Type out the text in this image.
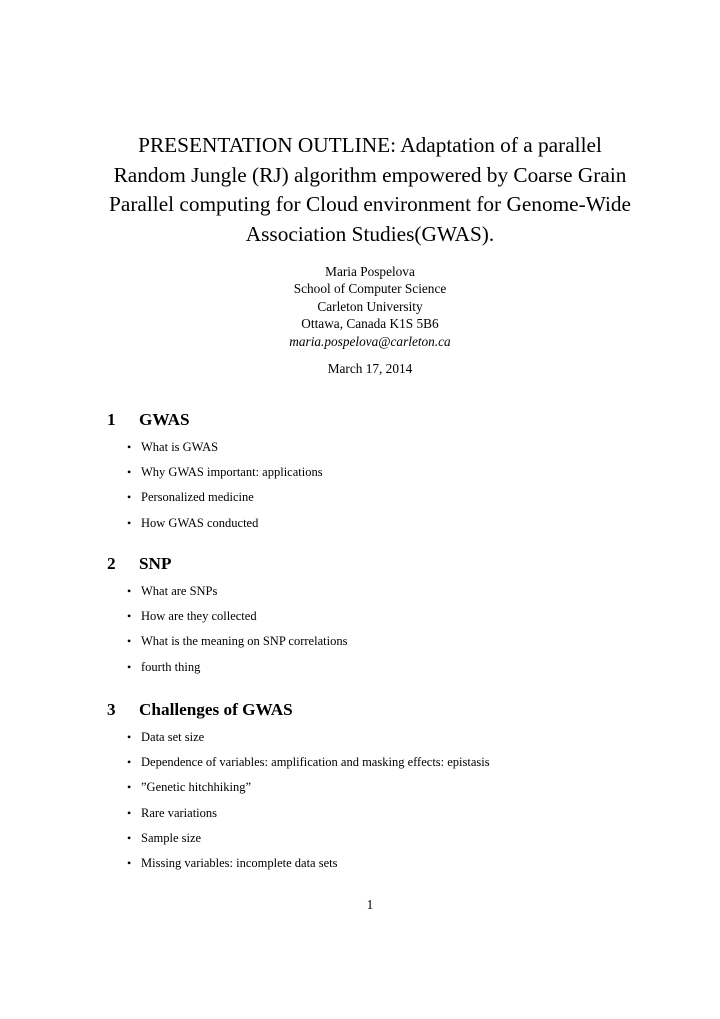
PRESENTATION OUTLINE: Adaptation of a parallel Random Jungle (RJ) algorithm empowered by Coarse Grain Parallel computing for Cloud environment for Genome-Wide Association Studies(GWAS).
Maria Pospelova
School of Computer Science
Carleton University
Ottawa, Canada K1S 5B6
maria.pospelova@carleton.ca
March 17, 2014
1 GWAS
• What is GWAS
• Why GWAS important: applications
• Personalized medicine
• How GWAS conducted
2 SNP
• What are SNPs
• How are they collected
• What is the meaning on SNP correlations
• fourth thing
3 Challenges of GWAS
• Data set size
• Dependence of variables: amplification and masking effects: epistasis
• ”Genetic hitchhiking”
• Rare variations
• Sample size
• Missing variables: incomplete data sets
1
